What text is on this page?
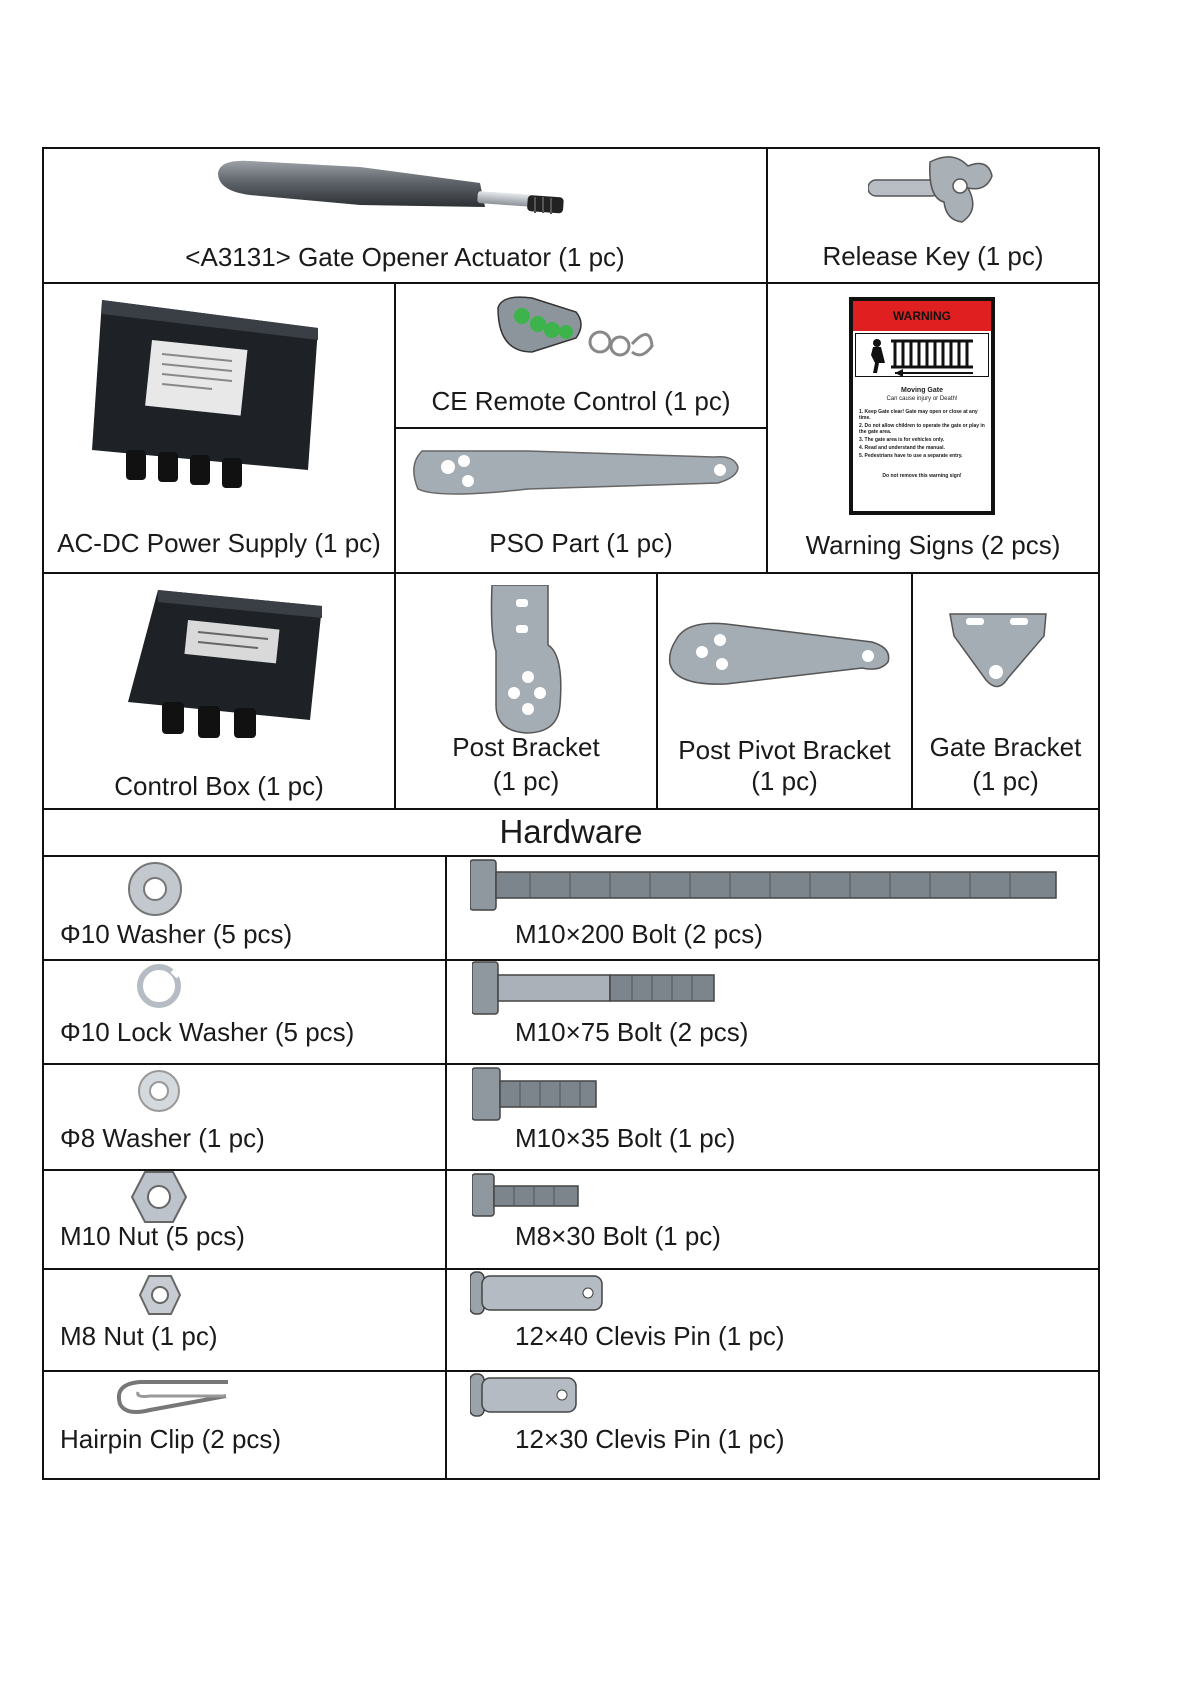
<A3131> Gate Opener Actuator (1 pc)	Release Key (1 pc)
AC-DC Power Supply (1 pc)
CE Remote Control (1 pc)
PSO Part (1 pc)
WARNING
Moving Gate
Can cause injury or Death!
1. Keep Gate clear! Gate may open or close at any time.
2. Do not allow children to operate the gate or play in the gate area.
3. The gate area is for vehicles only.
4. Read and understand the manual.
5. Pedestrians have to use a separate entry.
Do not remove this warning sign!
Warning Signs (2 pcs)
Control Box (1 pc)
Post Bracket
(1 pc)
Post Pivot Bracket
(1 pc)
Gate Bracket
(1 pc)
Hardware
Φ10 Washer (5 pcs)
Φ10 Lock Washer (5 pcs)
Φ8 Washer (1 pc)
M10 Nut (5 pcs)
M8 Nut (1 pc)
Hairpin Clip (2 pcs)
M10×200 Bolt (2 pcs)
M10×75 Bolt (2 pcs)
M10×35 Bolt (1 pc)
M8×30 Bolt (1 pc)
12×40 Clevis Pin (1 pc)
12×30 Clevis Pin (1 pc)
